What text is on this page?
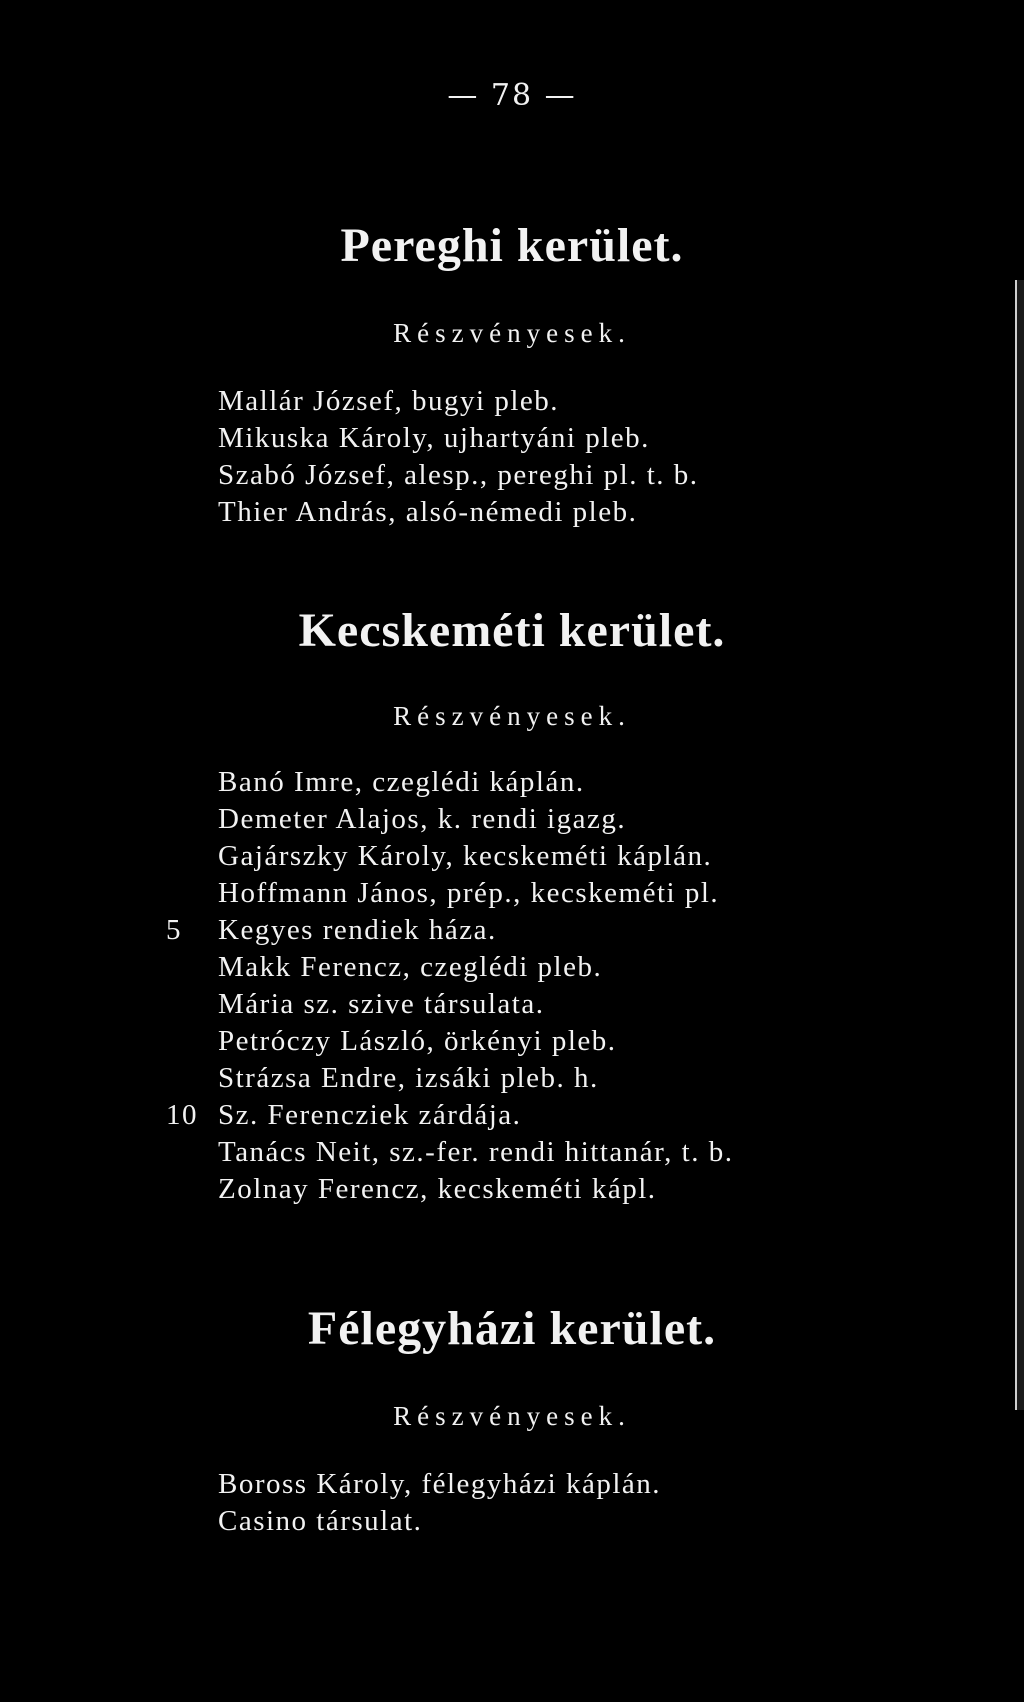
— 78 —
Pereghi kerület.
Részvényesek.
Mallár József, bugyi pleb.
Mikuska Károly, ujhartyáni pleb.
Szabó József, alesp., pereghi pl. t. b.
Thier András, alsó-némedi pleb.
Kecskeméti kerület.
Részvényesek.
Banó Imre, czeglédi káplán.
Demeter Alajos, k. rendi igazg.
Gajárszky Károly, kecskeméti káplán.
Hoffmann János, prép., kecskeméti pl.
5	Kegyes rendiek háza.
Makk Ferencz, czeglédi pleb.
Mária sz. szive társulata.
Petróczy László, örkényi pleb.
Strázsa Endre, izsáki pleb. h.
10 Sz. Ferencziek zárdája.
Tanács Neit, sz.-fer. rendi hittanár, t. b.
Zolnay Ferencz, kecskeméti kápl.
Félegyházi kerület.
Részvényesek.
Boross Károly, félegyházi káplán.
Casino társulat.
